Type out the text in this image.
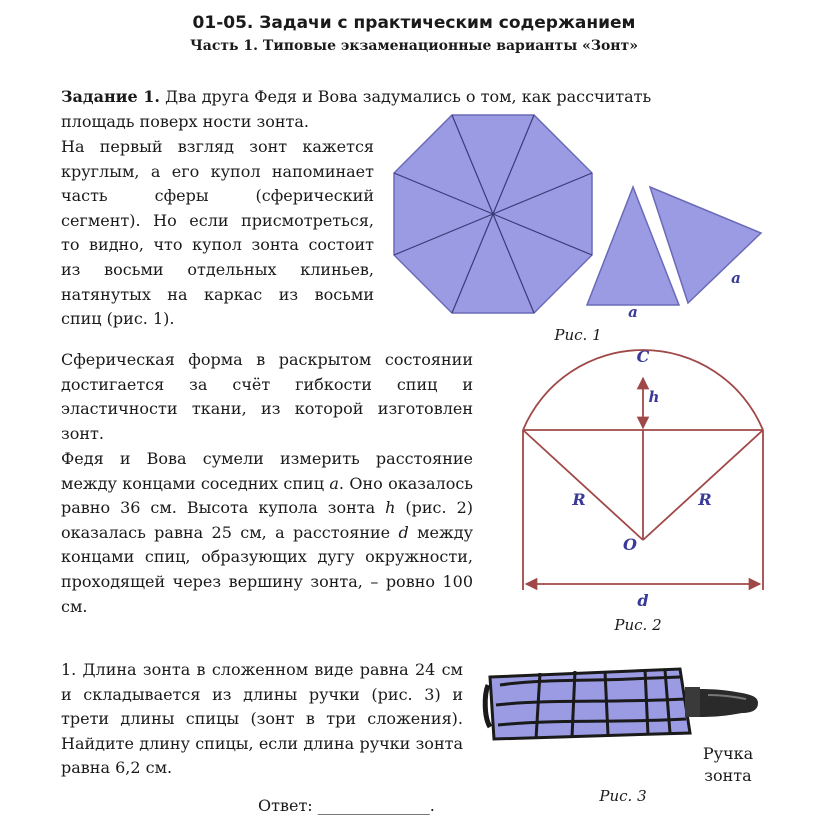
01-05. Задачи с практическим содержанием
Часть 1. Типовые экзаменационные варианты «Зонт»
Задание 1. Два друга Федя и Вова задумались о том, как рассчитать
площадь поверх ности зонта.
На первый взгляд зонт кажется круглым, а его купол напоминает часть сферы (сферический сегмент). Но если присмотреться, то видно, что купол зонта состоит из восьми отдельных клиньев, натянутых на каркас из восьми спиц (рис. 1).
Сферическая форма в раскрытом состоянии достигается за счёт гибкости спиц и эластичности ткани, из которой изготовлен зонт.
Федя и Вова сумели измерить расстояние между концами соседних спиц a. Оно оказалось равно 36 см. Высота купола зонта h (рис. 2) оказалась равна 25 см, а расстояние d между концами спиц, образующих дугу окружности, проходящей через вершину зонта, – ровно 100 см.
1. Длина зонта в сложенном виде равна 24 см и складывается из длины ручки (рис. 3) и трети длины спицы (зонт в три сложения). Найдите длину спицы, если длина ручки зонта равна 6,2 см.
Ответ: ______________.
a
a
Рис. 1
C
h
R	R
O
d
Рис. 2
Ручка
зонта
Рис. 3
